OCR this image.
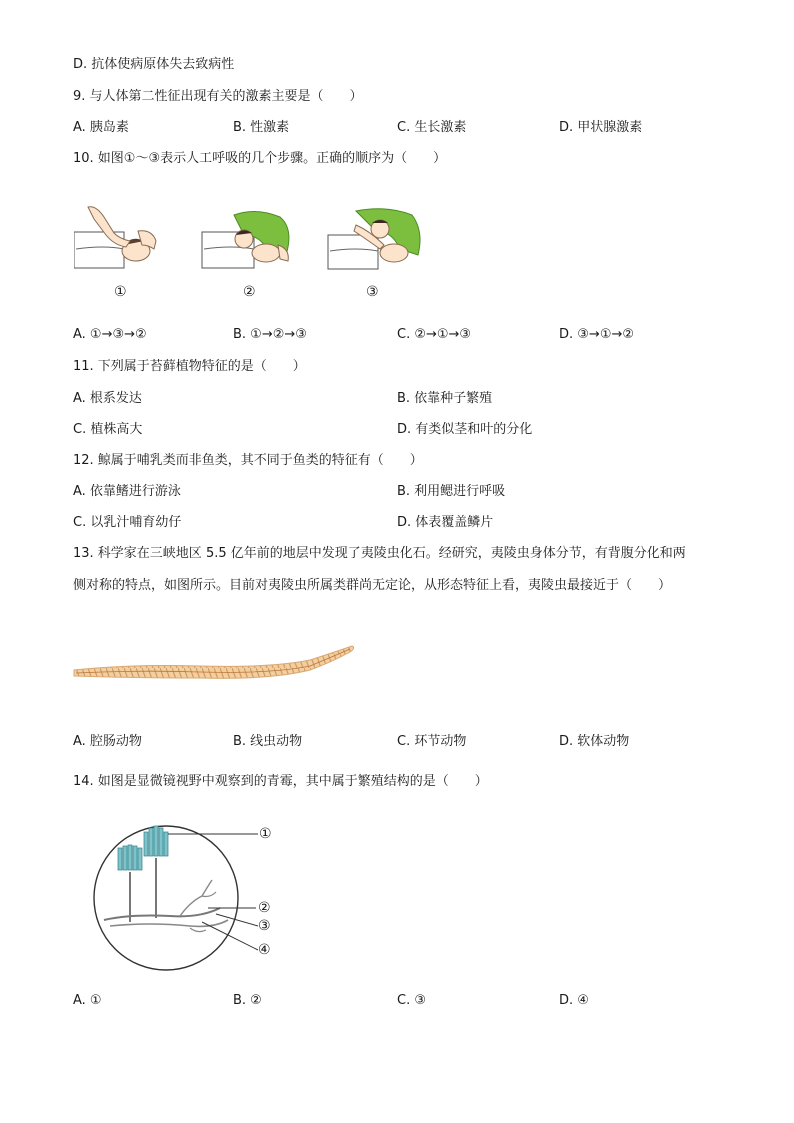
D. 抗体使病原体失去致病性
9. 与人体第二性征出现有关的激素主要是（　　）
A. 胰岛素	B. 性激素	C. 生长激素	D. 甲状腺激素
10. 如图①～③表示人工呼吸的几个步骤。正确的顺序为（　　）
①	②	③
A. ①→③→②	B. ①→②→③	C. ②→①→③	D. ③→①→②
11. 下列属于苔藓植物特征的是（　　）
A. 根系发达	B. 依靠种子繁殖
C. 植株高大	D. 有类似茎和叶的分化
12. 鲸属于哺乳类而非鱼类，其不同于鱼类的特征有（　　）
A. 依靠鳍进行游泳	B. 利用鳃进行呼吸
C. 以乳汁哺育幼仔	D. 体表覆盖鳞片
13. 科学家在三峡地区 5.5 亿年前的地层中发现了夷陵虫化石。经研究，夷陵虫身体分节，有背腹分化和两
侧对称的特点，如图所示。目前对夷陵虫所属类群尚无定论，从形态特征上看，夷陵虫最接近于（　　）
A. 腔肠动物	B. 线虫动物	C. 环节动物	D. 软体动物
14. 如图是显微镜视野中观察到的青霉，其中属于繁殖结构的是（　　）
①
②
③
④
A. ①	B. ②	C. ③	D. ④
